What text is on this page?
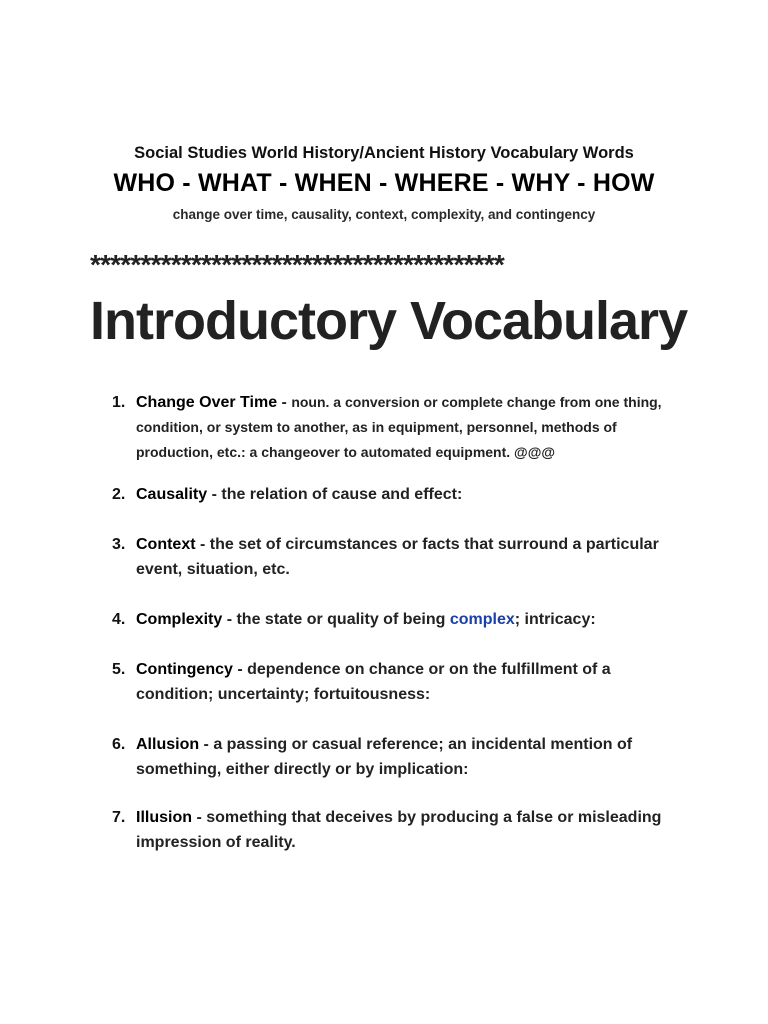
Social Studies World History/Ancient History Vocabulary Words

WHO - WHAT - WHEN - WHERE - WHY - HOW

change over time, causality, context, complexity, and contingency

*****************************************
Introductory Vocabulary
1. Change Over Time - noun. a conversion or complete change from one thing, condition, or system to another, as in equipment, personnel, methods of production, etc.: a changeover to automated equipment. @@@
2. Causality - the relation of cause and effect:
3. Context - the set of circumstances or facts that surround a particular event, situation, etc.
4. Complexity - the state or quality of being complex; intricacy:
5. Contingency - dependence on chance or on the fulfillment of a condition; uncertainty; fortuitousness:
6. Allusion - a passing or casual reference; an incidental mention of something, either directly or by implication:
7. Illusion - something that deceives by producing a false or misleading impression of reality.
